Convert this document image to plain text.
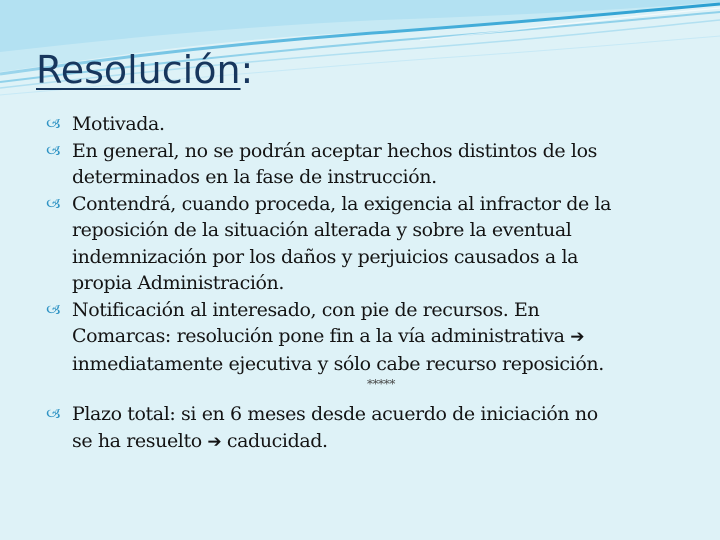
Resolución:
🙢 Motivada.
🙢 En general, no se podrán aceptar hechos distintos de los
determinados en la fase de instrucción.
🙢 Contendrá, cuando proceda, la exigencia al infractor de la
reposición de la situación alterada y sobre la eventual
indemnización por los daños y perjuicios causados a la
propia Administración.
🙢 Notificación al interesado, con pie de recursos. En
Comarcas: resolución pone fin a la vía administrativa ➔
inmediatamente ejecutiva y sólo cabe recurso reposición.
*****
🙢 Plazo total: si en 6 meses desde acuerdo de iniciación no
se ha resuelto ➔ caducidad.
